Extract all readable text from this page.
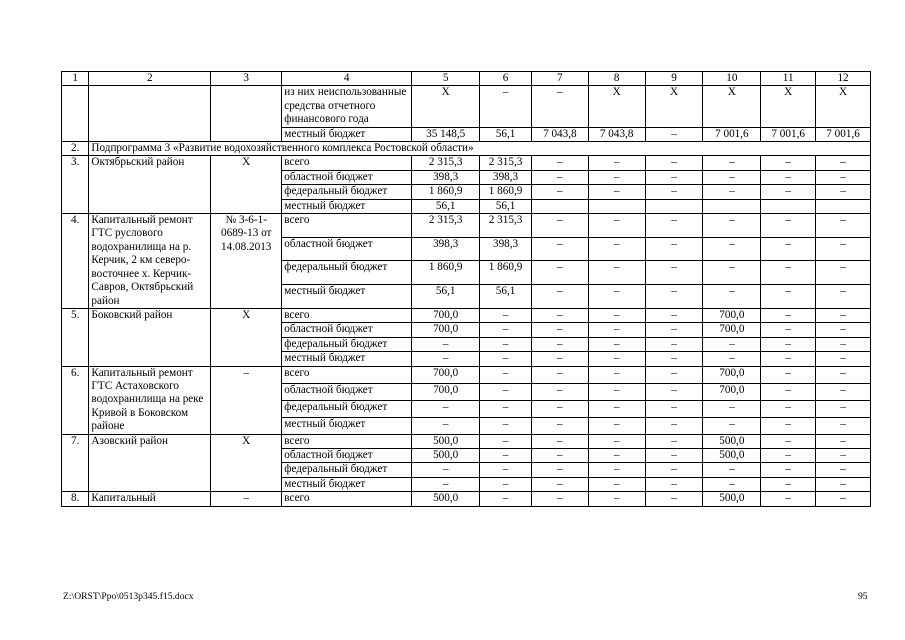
1	2	3	4	5	6	7	8	9	10	11	12
			из них неиспользованные средства отчетного финансового года	X	–	–	X	X	X	X	X
			местный бюджет	35 148,5	56,1	7 043,8	7 043,8	–	7 001,6	7 001,6	7 001,6
2.	Подпрограмма 3 «Развитие водохозяйственного комплекса Ростовской области»										
3.	Октябрьский район	X	всего	2 315,3	2 315,3	–	–	–	–	–	–
			областной бюджет	398,3	398,3	–	–	–	–	–	–
			федеральный бюджет	1 860,9	1 860,9	–	–	–	–	–	–
			местный бюджет	56,1	56,1						
4.	Капитальный ремонт ГТС руслового водохранилища на р. Керчик, 2 км северо-восточнее х. Керчик-Савров, Октябрьский район	№ 3-6-1-0689-13 от 14.08.2013	всего	2 315,3	2 315,3	–	–	–	–	–	–
			областной бюджет	398,3	398,3	–	–	–	–	–	–
			федеральный бюджет	1 860,9	1 860,9	–	–	–	–	–	–
			местный бюджет	56,1	56,1	–	–	–	–	–	–
5.	Боковский район	X	всего	700,0	–	–	–	–	700,0	–	–
			областной бюджет	700,0	–	–	–	–	700,0	–	–
			федеральный бюджет	–	–	–	–	–	–	–	–
			местный бюджет	–	–	–	–	–	–	–	–
6.	Капитальный ремонт ГТС Астаховского водохранилища на реке Кривой в Боковском районе	–	всего	700,0	–	–	–	–	700,0	–	–
			областной бюджет	700,0	–	–	–	–	700,0	–	–
			федеральный бюджет	–	–	–	–	–	–	–	–
			местный бюджет	–	–	–	–	–	–	–	–
7.	Азовский район	X	всего	500,0	–	–	–	–	500,0	–	–
			областной бюджет	500,0	–	–	–	–	500,0	–	–
			федеральный бюджет	–	–	–	–	–	–	–	–
			местный бюджет	–	–	–	–	–	–	–	–
8.	Капитальный	–	всего	500,0	–	–	–	–	500,0	–	–
Z:\ORST\Ppo\0513p345.f15.docx	95
